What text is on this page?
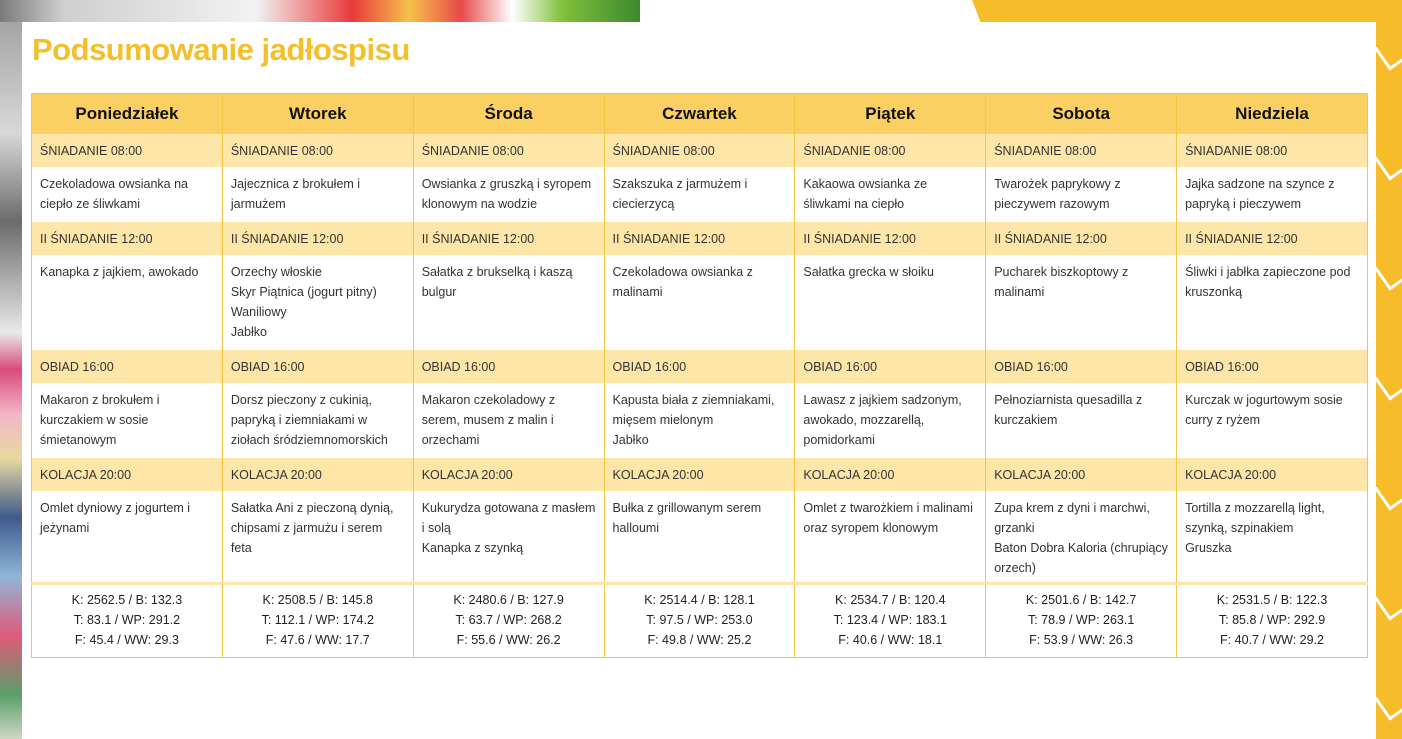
Podsumowanie jadłospisu
Poniedziałek	Wtorek	Środa	Czwartek	Piątek	Sobota	Niedziela
ŚNIADANIE 08:00	ŚNIADANIE 08:00	ŚNIADANIE 08:00	ŚNIADANIE 08:00	ŚNIADANIE 08:00	ŚNIADANIE 08:00	ŚNIADANIE 08:00

Czekoladowa owsianka na ciepło ze śliwkami	Jajecznica z brokułem i jarmużem	Owsianka z gruszką i syropem klonowym na wodzie	Szakszuka z jarmużem i ciecierzycą	Kakaowa owsianka ze śliwkami na ciepło	Twarożek paprykowy z pieczywem razowym	Jajka sadzone na szynce z papryką i pieczywem

II ŚNIADANIE 12:00	II ŚNIADANIE 12:00	II ŚNIADANIE 12:00	II ŚNIADANIE 12:00	II ŚNIADANIE 12:00	II ŚNIADANIE 12:00	II ŚNIADANIE 12:00

Kanapka z jajkiem, awokado	Orzechy włoskie
Skyr Piątnica (jogurt pitny)
Waniliowy
Jabłko	Sałatka z brukselką i kaszą bulgur	Czekoladowa owsianka z malinami	Sałatka grecka w słoiku	Pucharek biszkoptowy z malinami	Śliwki i jabłka zapieczone pod kruszonką

OBIAD 16:00	OBIAD 16:00	OBIAD 16:00	OBIAD 16:00	OBIAD 16:00	OBIAD 16:00	OBIAD 16:00

Makaron z brokułem i kurczakiem w sosie śmietanowym	Dorsz pieczony z cukinią, papryką i ziemniakami w ziołach śródziemnomorskich	Makaron czekoladowy z serem, musem z malin i orzechami	Kapusta biała z ziemniakami, mięsem mielonym
Jabłko	Lawasz z jajkiem sadzonym, awokado, mozzarellą, pomidorkami	Pełnoziarnista quesadilla z kurczakiem	Kurczak w jogurtowym sosie curry z ryżem

KOLACJA 20:00	KOLACJA 20:00	KOLACJA 20:00	KOLACJA 20:00	KOLACJA 20:00	KOLACJA 20:00	KOLACJA 20:00

Omlet dyniowy z jogurtem i jeżynami	Sałatka Ani z pieczoną dynią, chipsami z jarmużu i serem feta	Kukurydza gotowana z masłem i solą
Kanapka z szynką	Bułka z grillowanym serem halloumi	Omlet z twarożkiem i malinami oraz syropem klonowym	Zupa krem z dyni i marchwi, grzanki
Baton Dobra Kaloria (chrupiący orzech)	Tortilla z mozzarellą light, szynką, szpinakiem
Gruszka

K: 2562.5 / B: 132.3
T: 83.1 / WP: 291.2
F: 45.4 / WW: 29.3	K: 2508.5 / B: 145.8
T: 112.1 / WP: 174.2
F: 47.6 / WW: 17.7	K: 2480.6 / B: 127.9
T: 63.7 / WP: 268.2
F: 55.6 / WW: 26.2	K: 2514.4 / B: 128.1
T: 97.5 / WP: 253.0
F: 49.8 / WW: 25.2	K: 2534.7 / B: 120.4
T: 123.4 / WP: 183.1
F: 40.6 / WW: 18.1	K: 2501.6 / B: 142.7
T: 78.9 / WP: 263.1
F: 53.9 / WW: 26.3	K: 2531.5 / B: 122.3
T: 85.8 / WP: 292.9
F: 40.7 / WW: 29.2
